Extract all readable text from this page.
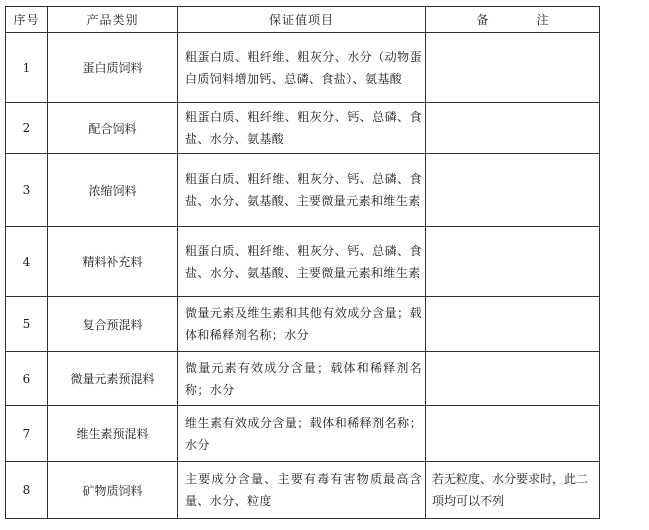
序号	产品类别	保证值项目	备　注
1	蛋白质饲料	粗蛋白质、粗纤维、粗灰分、水分（动物蛋白质饲料增加钙、总磷、食盐）、氨基酸	
2	配合饲料	粗蛋白质、粗纤维、粗灰分、钙、总磷、食盐、水分、氨基酸	
3	浓缩饲料	粗蛋白质、粗纤维、粗灰分、钙、总磷、食盐、水分、氨基酸、主要微量元素和维生素	
4	精料补充料	粗蛋白质、粗纤维、粗灰分、钙、总磷、食盐、水分、氨基酸、主要微量元素和维生素	
5	复合预混料	微量元素及维生素和其他有效成分含量；载体和稀释剂名称；水分	
6	微量元素预混料	微量元素有效成分含量；载体和稀释剂名称；水分	
7	维生素预混料	维生素有效成分含量；载体和稀释剂名称；水分	
8	矿物质饲料	主要成分含量、主要有毒有害物质最高含量、水分、粒度	若无粒度、水分要求时，此二项均可以不列
